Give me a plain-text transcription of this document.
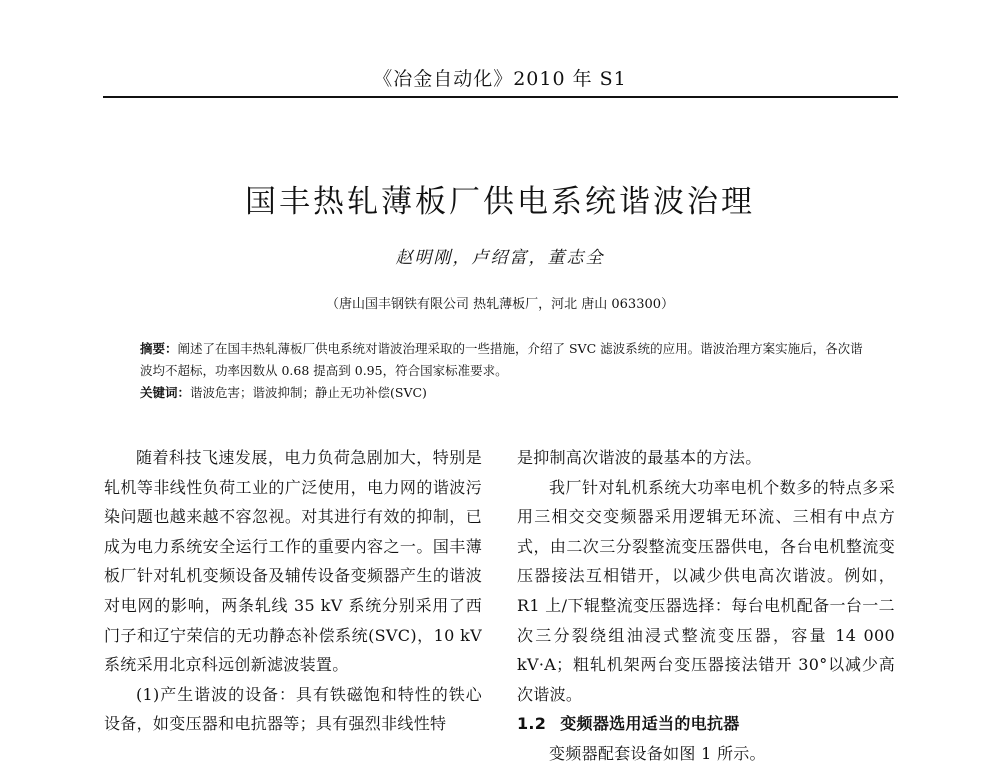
《冶金自动化》2010 年 S1
国丰热轧薄板厂供电系统谐波治理
赵明刚，卢绍富，董志全
（唐山国丰钢铁有限公司 热轧薄板厂，河北 唐山 063300）
摘要：阐述了在国丰热轧薄板厂供电系统对谐波治理采取的一些措施，介绍了 SVC 滤波系统的应用。谐波治理方案实施后，各次谐波均不超标，功率因数从 0.68 提高到 0.95，符合国家标准要求。
关键词：谐波危害；谐波抑制；静止无功补偿(SVC)

随着科技飞速发展，电力负荷急剧加大，特别是轧机等非线性负荷工业的广泛使用，电力网的谐波污染问题也越来越不容忽视。对其进行有效的抑制，已成为电力系统安全运行工作的重要内容之一。国丰薄板厂针对轧机变频设备及辅传设备变频器产生的谐波对电网的影响，两条轧线 35 kV 系统分别采用了西门子和辽宁荣信的无功静态补偿系统(SVC)，10 kV 系统采用北京科远创新滤波装置。

(1)产生谐波的设备：具有铁磁饱和特性的铁心设备，如变压器和电抗器等；具有强烈非线性特

是抑制高次谐波的最基本的方法。

我厂针对轧机系统大功率电机个数多的特点多采用三相交交变频器采用逻辑无环流、三相有中点方式，由二次三分裂整流变压器供电，各台电机整流变压器接法互相错开，以减少供电高次谐波。例如，R1 上/下辊整流变压器选择：每台电机配备一台一二次三分裂绕组油浸式整流变压器，容量 14 000 kV·A；粗轧机架两台变压器接法错开 30°以减少高次谐波。

1.2 变频器选用适当的电抗器

变频器配套设备如图 1 所示。
